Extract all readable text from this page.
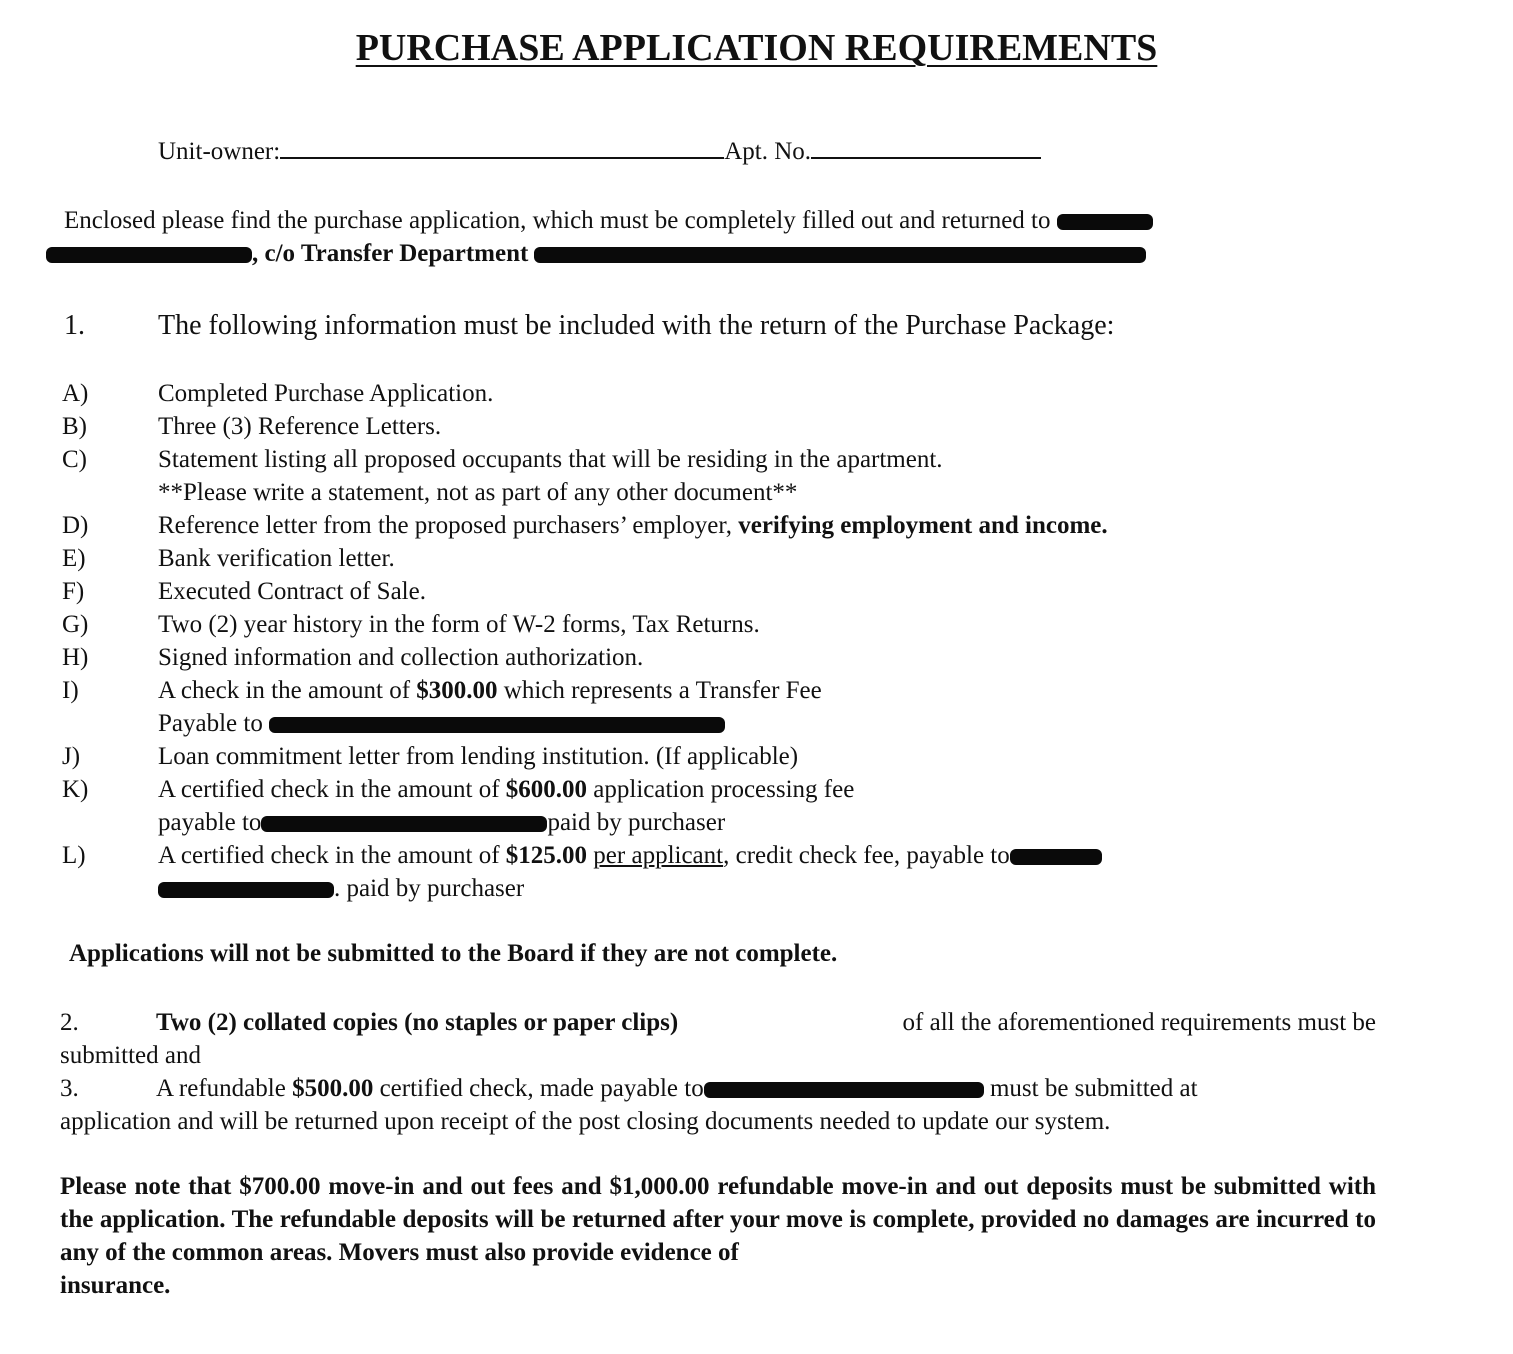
PURCHASE APPLICATION REQUIREMENTS
Unit-owner:	Apt. No.
Enclosed please find the purchase application, which must be completely filled out and returned to
, c/o Transfer Department
1.	The following information must be included with the return of the Purchase Package:
A)	Completed Purchase Application.
B)	Three (3) Reference Letters.
C)	Statement listing all proposed occupants that will be residing in the apartment.
**Please write a statement, not as part of any other document**
D)	Reference letter from the proposed purchasers’ employer, verifying employment and income.
E)	Bank verification letter.
F)	Executed Contract of Sale.
G)	Two (2) year history in the form of W-2 forms, Tax Returns.
H)	Signed information and collection authorization.
I)	A check in the amount of $300.00 which represents a Transfer Fee
Payable to
J)	Loan commitment letter from lending institution. (If applicable)
K)	A certified check in the amount of $600.00 application processing fee
payable to	paid by purchaser
L)	A certified check in the amount of $125.00 per applicant, credit check fee, payable to
. paid by purchaser
Applications will not be submitted to the Board if they are not complete.
2.	Two (2) collated copies (no staples or paper clips)	of all the aforementioned requirements must be
submitted and
3.	A refundable $500.00 certified check, made payable to	must be submitted at
application and will be returned upon receipt of the post closing documents needed to update our system.
Please note that $700.00 move-in and out fees and $1,000.00 refundable move-in and out deposits must be submitted with the application. The refundable deposits will be returned after your move is complete, provided no damages are incurred to any of the common areas. Movers must also provide evidence of
insurance.
